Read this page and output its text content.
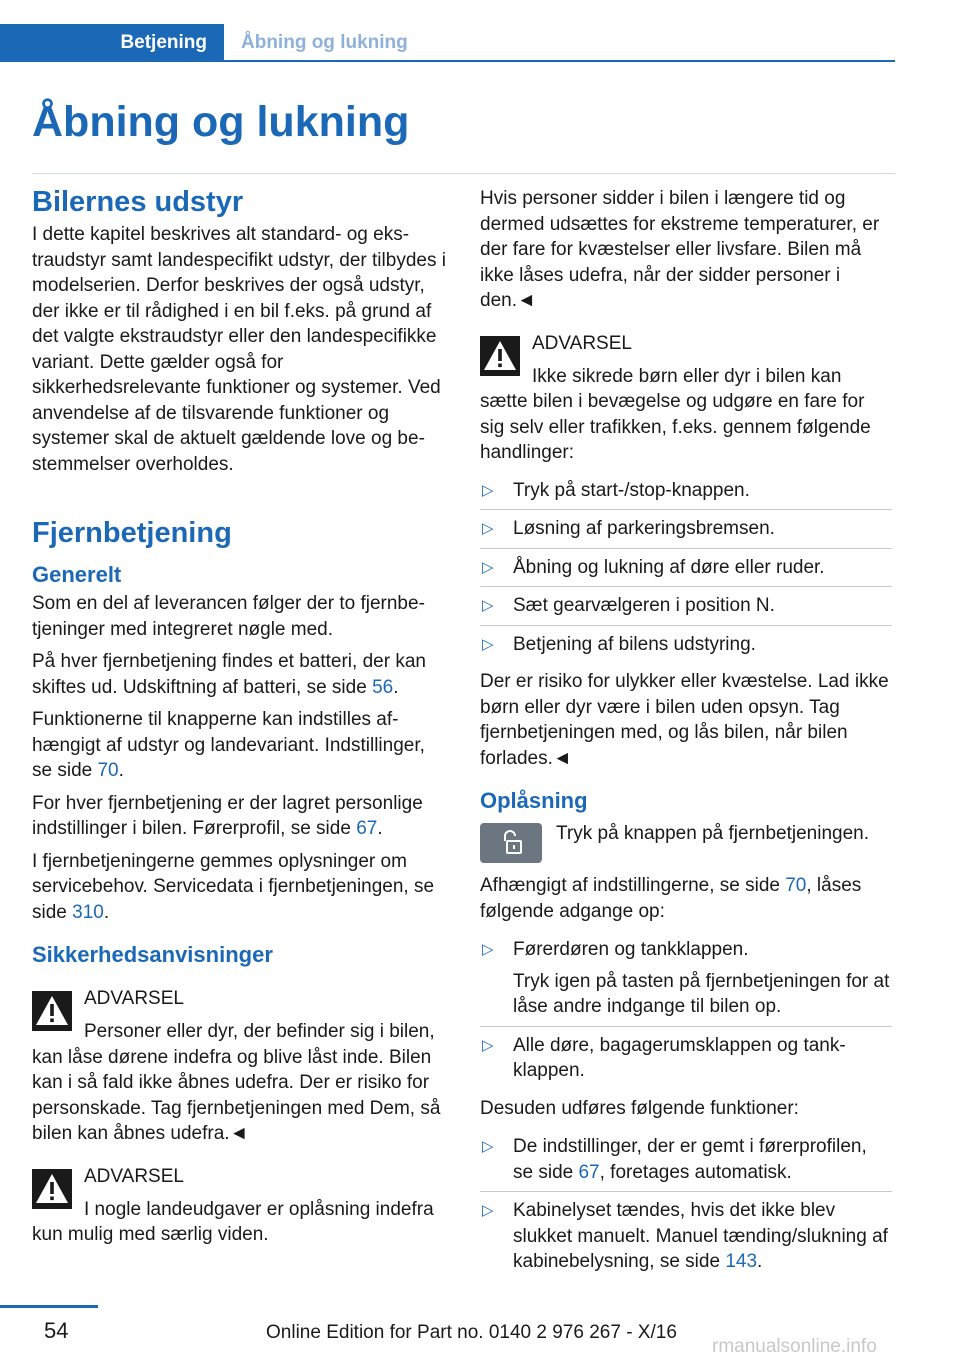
Betjening	Åbning og lukning
Åbning og lukning
Bilernes udstyr

I dette kapitel beskrives alt standard- og ekstraudstyr samt landespecifikt udstyr, der tilbydes i modelserien. Derfor beskrives der også udstyr, der ikke er til rådighed i en bil f.eks. på grund af det valgte ekstraudstyr eller den landespecifikke variant. Dette gælder også for sikkerhedsrelevante funktioner og systemer. Ved anvendelse af de tilsvarende funktioner og systemer skal de aktuelt gældende love og bestemmelser overholdes.

Fjernbetjening
Generelt

Som en del af leverancen følger der to fjernbetjeninger med integreret nøgle med.

På hver fjernbetjening findes et batteri, der kan skiftes ud. Udskiftning af batteri, se side 56.

Funktionerne til knapperne kan indstilles afhængigt af udstyr og landevariant. Indstillinger, se side 70.

For hver fjernbetjening er der lagret personlige indstillinger i bilen. Førerprofil, se side 67.

I fjernbetjeningerne gemmes oplysninger om servicebehov. Servicedata i fjernbetjeningen, se side 310.

Sikkerhedsanvisninger
ADVARSEL

Personer eller dyr, der befinder sig i bilen, kan låse dørene indefra og blive låst inde. Bilen kan i så fald ikke åbnes udefra. Der er risiko for personskade. Tag fjernbetjeningen med Dem, så bilen kan åbnes udefra.◄

ADVARSEL

I nogle landeudgaver er oplåsning indefra kun mulig med særlig viden.

Hvis personer sidder i bilen i længere tid og dermed udsættes for ekstreme temperaturer, er der fare for kvæstelser eller livsfare. Bilen må ikke låses udefra, når der sidder personer i den.◄

ADVARSEL

Ikke sikrede børn eller dyr i bilen kan sætte bilen i bevægelse og udgøre en fare for sig selv eller trafikken, f.eks. gennem følgende handlinger:

▷ Tryk på start-/stop-knappen.
▷ Løsning af parkeringsbremsen.
▷ Åbning og lukning af døre eller ruder.
▷ Sæt gearvælgeren i position N.
▷ Betjening af bilens udstyring.

Der er risiko for ulykker eller kvæstelse. Lad ikke børn eller dyr være i bilen uden opsyn. Tag fjernbetjeningen med, og lås bilen, når bilen forlades.◄

Oplåsning
Tryk på knappen på fjernbetjeningen.

Afhængigt af indstillingerne, se side 70, låses følgende adgange op:

▷ Førerdøren og tankklappen.
Tryk igen på tasten på fjernbetjeningen for at låse andre indgange til bilen op.
▷ Alle døre, bagagerumsklappen og tankklappen.

Desuden udføres følgende funktioner:

▷ De indstillinger, der er gemt i førerprofilen, se side 67, foretages automatisk.
▷ Kabinelyset tændes, hvis det ikke blev slukket manuelt. Manuel tænding/slukning af kabinebelysning, se side 143.
54	Online Edition for Part no. 0140 2 976 267 - X/16
rmanualsonline.info
